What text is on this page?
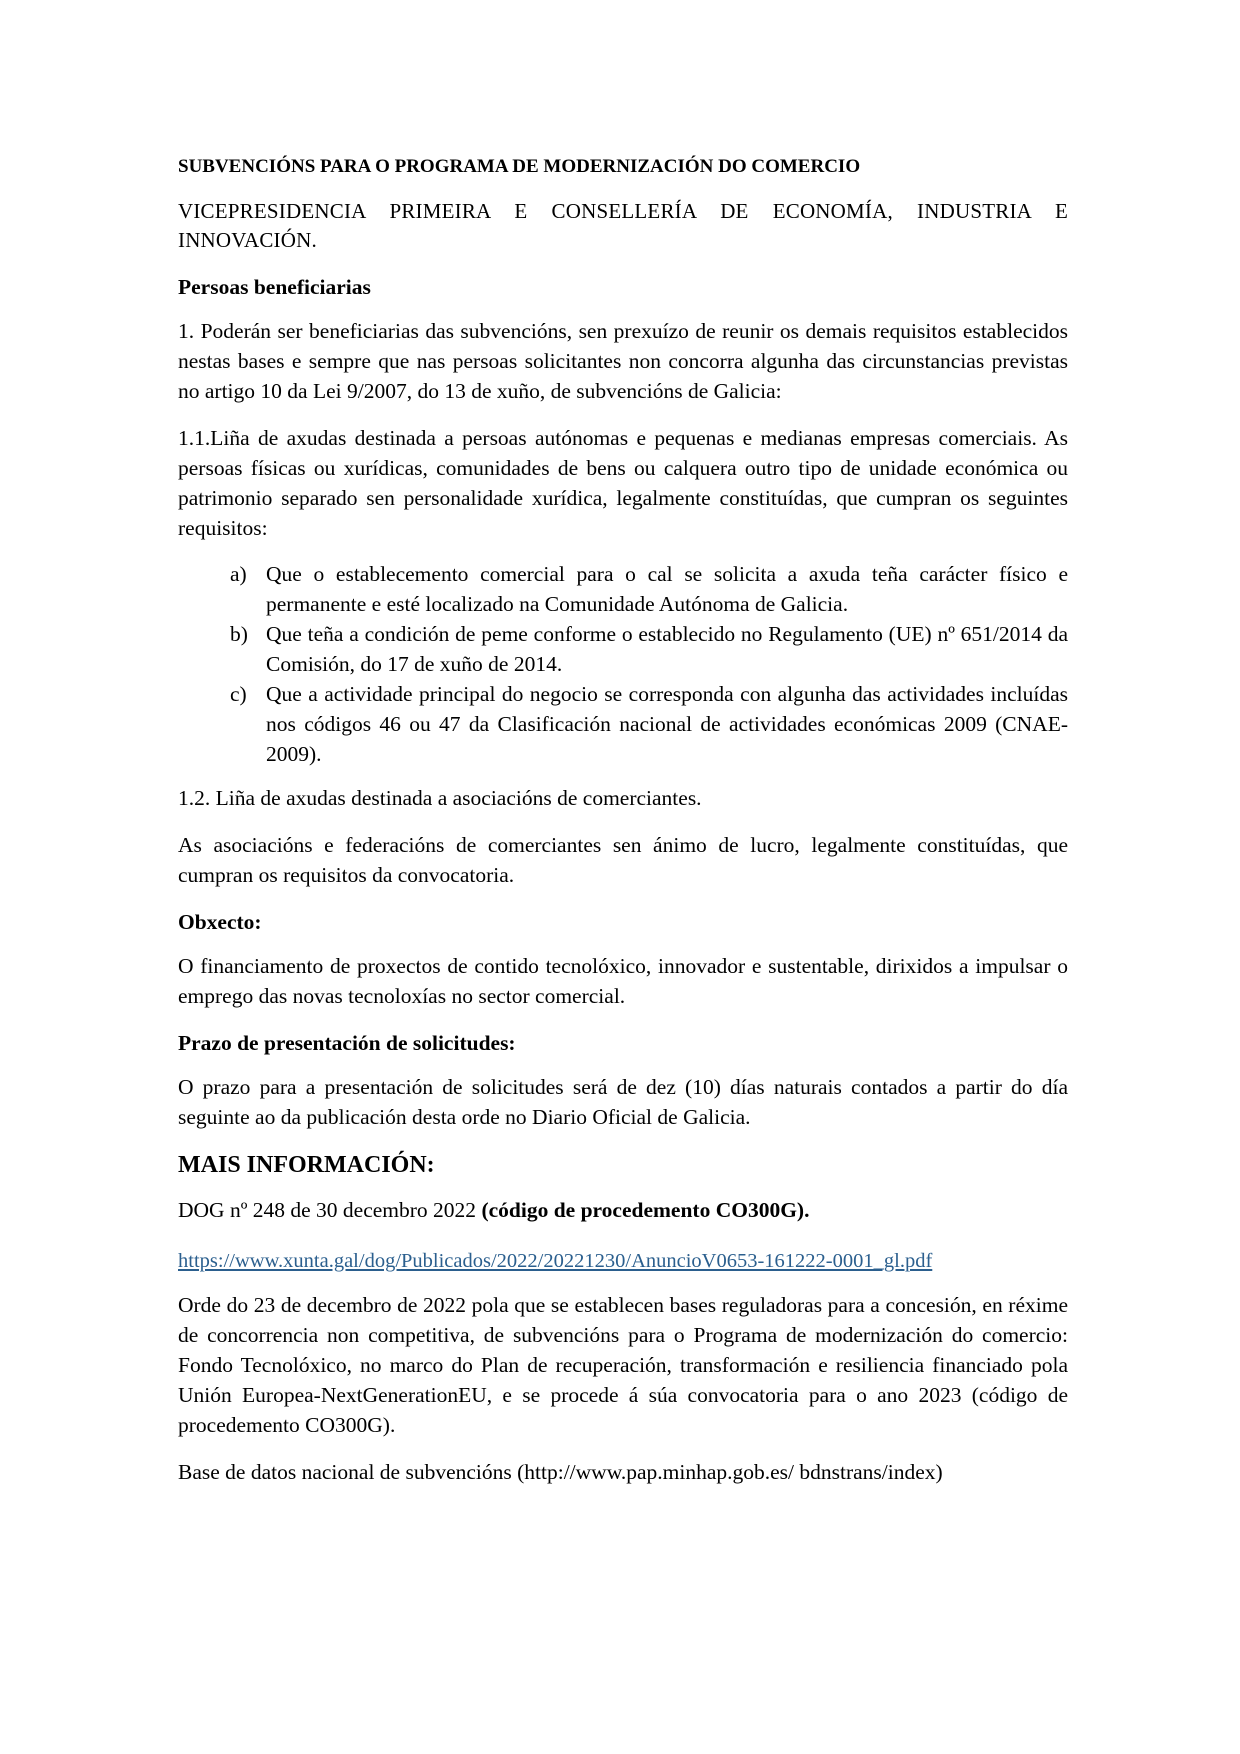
SUBVENCIÓNS PARA O PROGRAMA DE MODERNIZACIÓN DO COMERCIO

VICEPRESIDENCIA PRIMEIRA E CONSELLERÍA DE ECONOMÍA, INDUSTRIA E INNOVACIÓN.

Persoas beneficiarias

1. Poderán ser beneficiarias das subvencións, sen prexuízo de reunir os demais requisitos establecidos nestas bases e sempre que nas persoas solicitantes non concorra algunha das circunstancias previstas no artigo 10 da Lei 9/2007, do 13 de xuño, de subvencións de Galicia:

1.1.Liña de axudas destinada a persoas autónomas e pequenas e medianas empresas comerciais. As persoas físicas ou xurídicas, comunidades de bens ou calquera outro tipo de unidade económica ou patrimonio separado sen personalidade xurídica, legalmente constituídas, que cumpran os seguintes requisitos:

a) Que o establecemento comercial para o cal se solicita a axuda teña carácter físico e permanente e esté localizado na Comunidade Autónoma de Galicia.
b) Que teña a condición de peme conforme o establecido no Regulamento (UE) nº 651/2014 da Comisión, do 17 de xuño de 2014.
c) Que a actividade principal do negocio se corresponda con algunha das actividades incluídas nos códigos 46 ou 47 da Clasificación nacional de actividades económicas 2009 (CNAE-2009).

1.2. Liña de axudas destinada a asociacións de comerciantes.

As asociacións e federacións de comerciantes sen ánimo de lucro, legalmente constituídas, que cumpran os requisitos da convocatoria.

Obxecto:

O financiamento de proxectos de contido tecnolóxico, innovador e sustentable, dirixidos a impulsar o emprego das novas tecnoloxías no sector comercial.

Prazo de presentación de solicitudes:

O prazo para a presentación de solicitudes será de dez (10) días naturais contados a partir do día seguinte ao da publicación desta orde no Diario Oficial de Galicia.

MAIS INFORMACIÓN:

DOG nº 248 de 30 decembro 2022 (código de procedemento CO300G).

https://www.xunta.gal/dog/Publicados/2022/20221230/AnuncioV0653-161222-0001_gl.pdf

Orde do 23 de decembro de 2022 pola que se establecen bases reguladoras para a concesión, en réxime de concorrencia non competitiva, de subvencións para o Programa de modernización do comercio: Fondo Tecnolóxico, no marco do Plan de recuperación, transformación e resiliencia financiado pola Unión Europea-NextGenerationEU, e se procede á súa convocatoria para o ano 2023 (código de procedemento CO300G).

Base de datos nacional de subvencións (http://www.pap.minhap.gob.es/ bdnstrans/index)
